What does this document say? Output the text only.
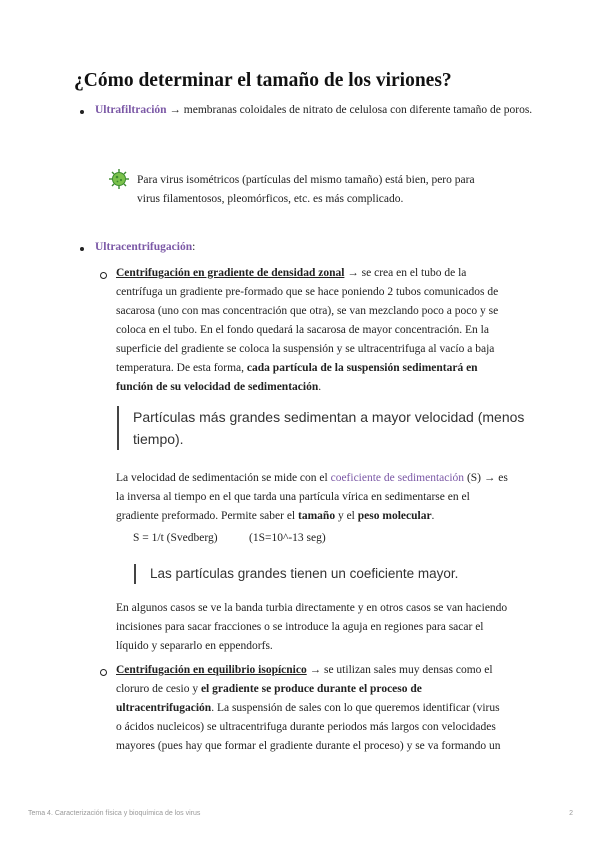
¿Cómo determinar el tamaño de los viriones?
Ultrafiltración → membranas coloidales de nitrato de celulosa con diferente tamaño de poros.
Para virus isométricos (partículas del mismo tamaño) está bien, pero para
virus filamentosos, pleomórficos, etc. es más complicado.
Ultracentrifugación:
Centrifugación en gradiente de densidad zonal → se crea en el tubo de la
centrífuga un gradiente pre-formado que se hace poniendo 2 tubos comunicados de
sacarosa (uno con mas concentración que otra), se van mezclando poco a poco y se
coloca en el tubo. En el fondo quedará la sacarosa de mayor concentración. En la
superficie del gradiente se coloca la suspensión y se ultracentrifuga al vacío a baja
temperatura. De esta forma, cada partícula de la suspensión sedimentará en
función de su velocidad de sedimentación.
Partículas más grandes sedimentan a mayor velocidad (menos
tiempo).
La velocidad de sedimentación se mide con el coeficiente de sedimentación (S) → es
la inversa al tiempo en el que tarda una partícula vírica en sedimentarse en el
gradiente preformado. Permite saber el tamaño y el peso molecular.
S = 1/t (Svedberg)	(1S=10^-13 seg)
Las partículas grandes tienen un coeficiente mayor.
En algunos casos se ve la banda turbia directamente y en otros casos se van haciendo
incisiones para sacar fracciones o se introduce la aguja en regiones para sacar el
líquido y separarlo en eppendorfs.
Centrifugación en equilibrio isopícnico → se utilizan sales muy densas como el
cloruro de cesio y el gradiente se produce durante el proceso de
ultracentrifugación. La suspensión de sales con lo que queremos identificar (virus
o ácidos nucleicos) se ultracentrifuga durante periodos más largos con velocidades
mayores (pues hay que formar el gradiente durante el proceso) y se va formando un
Tema 4. Caracterización física y bioquímica de los virus	2
